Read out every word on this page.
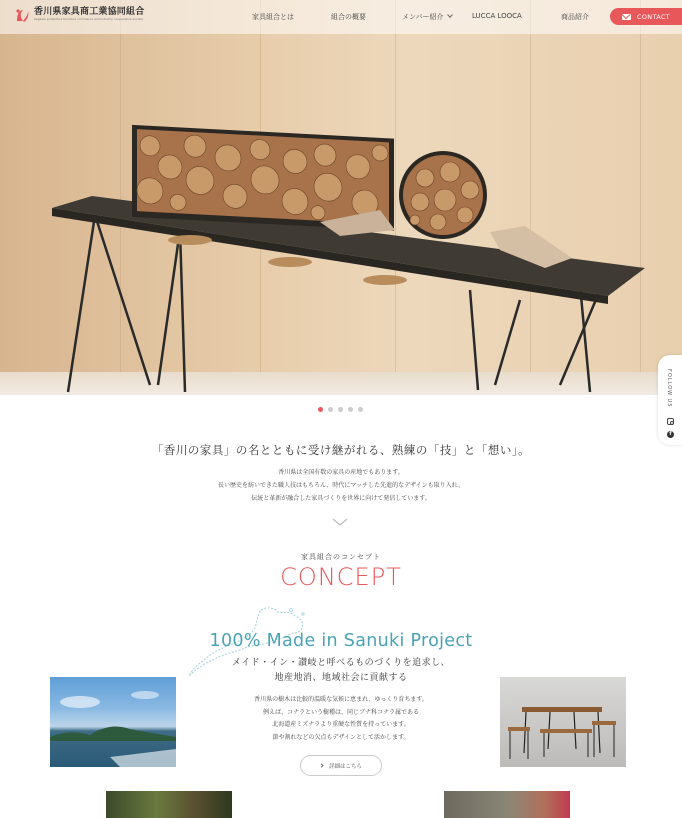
香川県家具商工業協同組合
Kagawa prefecture furniture commerce and industry cooperative society	家具組合とは	組合の概要	メンバー紹介	LUCCA LOOCA	商品紹介	CONTACT
FOLLOW US
f
「香川の家具」の名とともに受け継がれる、熟練の「技」と「想い」。

香川県は全国有数の家具の産地でもあります。

長い歴史を紡いできた職人技はもちろん、時代にマッチした先進的なデザインも取り入れ、

伝統と革新が融合した家具づくりを世界に向けて発信しています。

家具組合のコンセプト
CONCEPT
100% Made in Sanuki Project

メイド・イン・讃岐と呼べるものづくりを追求し、

地産地消、地域社会に貢献する

香川県の樹木は比較的温暖な気候に恵まれ、ゆっくり育ちます。

例えば、コナラという樹種は、同じブナ科コナラ属である

北海道産ミズナラより重硬な性質を持っています。

節や割れなどの欠点もデザインとして活かします。

詳細はこちら
